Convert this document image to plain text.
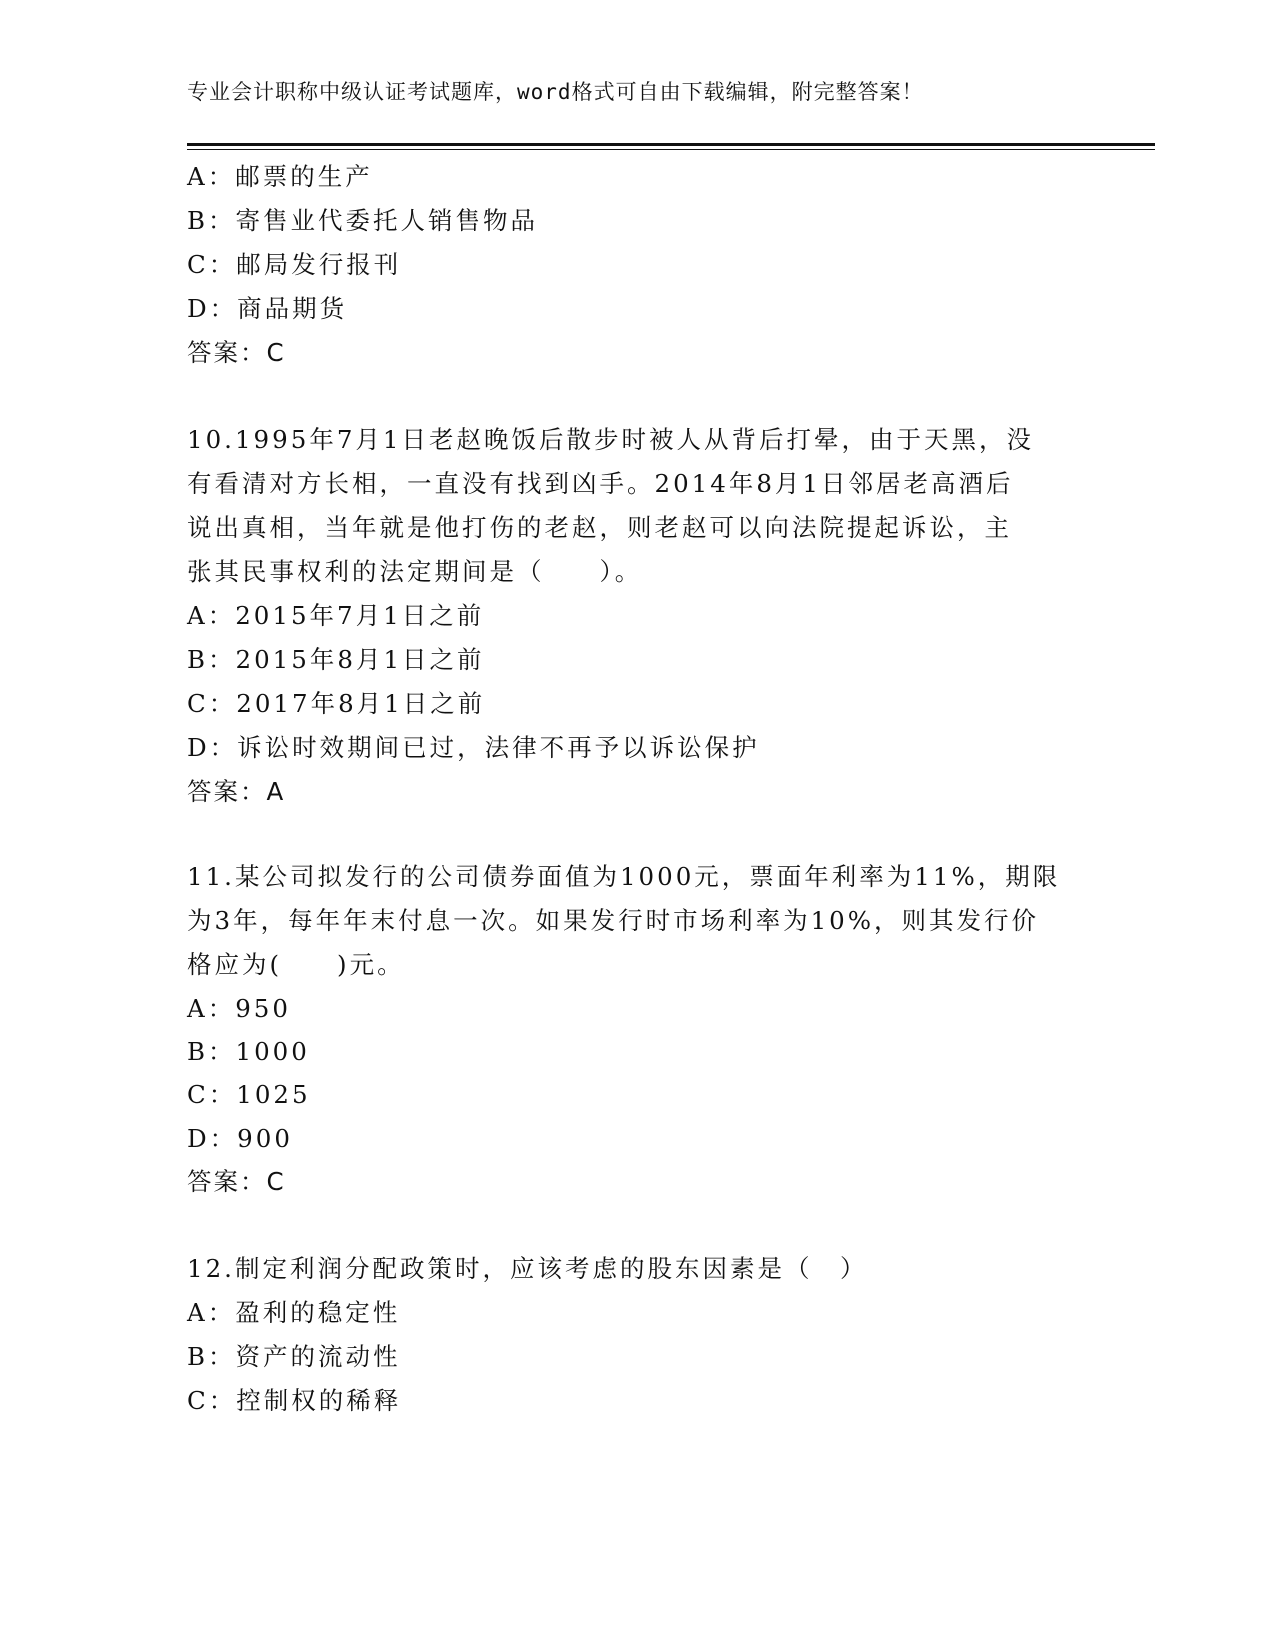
专业会计职称中级认证考试题库，word格式可自由下载编辑，附完整答案！
A：邮票的生产
B：寄售业代委托人销售物品
C：邮局发行报刊
D：商品期货
答案：C
10.1995年7月1日老赵晚饭后散步时被人从背后打晕，由于天黑，没
有看清对方长相，一直没有找到凶手。2014年8月1日邻居老高酒后
说出真相，当年就是他打伤的老赵，则老赵可以向法院提起诉讼，主
张其民事权利的法定期间是（　　）。
A：2015年7月1日之前
B：2015年8月1日之前
C：2017年8月1日之前
D：诉讼时效期间已过，法律不再予以诉讼保护
答案：A
11.某公司拟发行的公司债券面值为1000元，票面年利率为11%，期限
为3年，每年年末付息一次。如果发行时市场利率为10%，则其发行价
格应为(　　)元。
A：950
B：1000
C：1025
D：900
答案：C
12.制定利润分配政策时，应该考虑的股东因素是（　）
A：盈利的稳定性
B：资产的流动性
C：控制权的稀释
